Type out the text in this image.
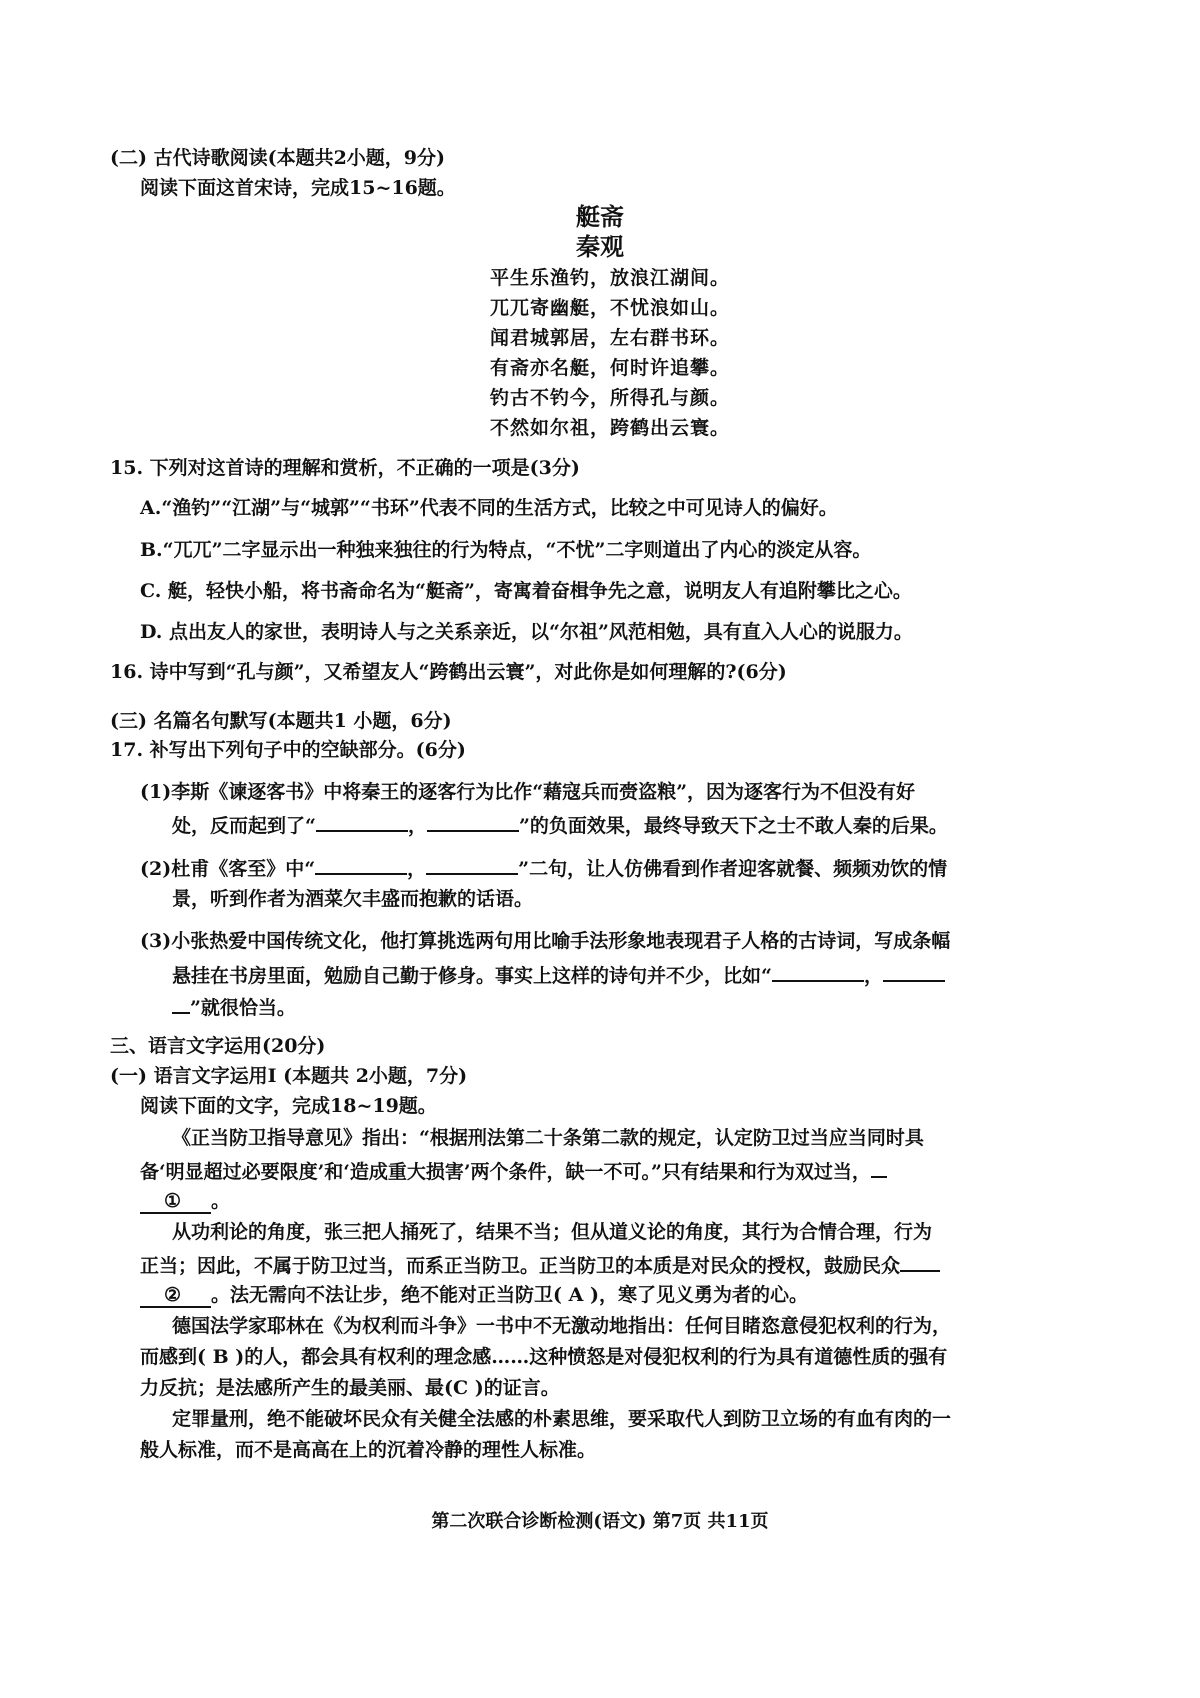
(二) 古代诗歌阅读(本题共2小题，9分)
阅读下面这首宋诗，完成15~16题。
艇斋
秦观
平生乐渔钓，放浪江湖间。
兀兀寄幽艇，不忧浪如山。
闻君城郭居，左右群书环。
有斋亦名艇，何时许追攀。
钓古不钓今，所得孔与颜。
不然如尔祖，跨鹤出云寰。
15. 下列对这首诗的理解和赏析，不正确的一项是(3分)
A.“渔钓”“江湖”与“城郭”“书环”代表不同的生活方式，比较之中可见诗人的偏好。
B.“兀兀”二字显示出一种独来独往的行为特点，“不忧”二字则道出了内心的淡定从容。
C. 艇，轻快小船，将书斋命名为“艇斋”，寄寓着奋楫争先之意，说明友人有追附攀比之心。
D. 点出友人的家世，表明诗人与之关系亲近，以“尔祖”风范相勉，具有直入人心的说服力。
16. 诗中写到“孔与颜”，又希望友人“跨鹤出云寰”，对此你是如何理解的?(6分)
(三) 名篇名句默写(本题共1 小题，6分)
17. 补写出下列句子中的空缺部分。(6分)
(1)李斯《谏逐客书》中将秦王的逐客行为比作“藉寇兵而赍盗粮”，因为逐客行为不但没有好
处，反而起到了“	，	”的负面效果，最终导致天下之士不敢人秦的后果。
(2)杜甫《客至》中“	，	”二句，让人仿佛看到作者迎客就餐、频频劝饮的情
景，听到作者为酒菜欠丰盛而抱歉的话语。
(3)小张热爱中国传统文化，他打算挑选两句用比喻手法形象地表现君子人格的古诗词，写成条幅
悬挂在书房里面，勉励自己勤于修身。事实上这样的诗句并不少，比如“	，
”就很恰当。
三、语言文字运用(20分)
(一) 语言文字运用Ⅰ (本题共 2小题，7分)
阅读下面的文字，完成18~19题。
《正当防卫指导意见》指出：“根据刑法第二十条第二款的规定，认定防卫过当应当同时具
备‘明显超过必要限度’和‘造成重大损害’两个条件，缺一不可。”只有结果和行为双过当，
① 。
从功利论的角度，张三把人捅死了，结果不当；但从道义论的角度，其行为合情合理，行为
正当；因此，不属于防卫过当，而系正当防卫。正当防卫的本质是对民众的授权，鼓励民众
② 。法无需向不法让步，绝不能对正当防卫( A )，寒了见义勇为者的心。
德国法学家耶林在《为权利而斗争》一书中不无激动地指出：任何目睹恣意侵犯权利的行为，
而感到( B )的人，都会具有权利的理念感……这种愤怒是对侵犯权利的行为具有道德性质的强有
力反抗；是法感所产生的最美丽、最(C )的证言。
定罪量刑，绝不能破坏民众有关健全法感的朴素思维，要采取代人到防卫立场的有血有肉的一
般人标准，而不是高高在上的沉着冷静的理性人标准。
第二次联合诊断检测(语文) 第7页 共11页
